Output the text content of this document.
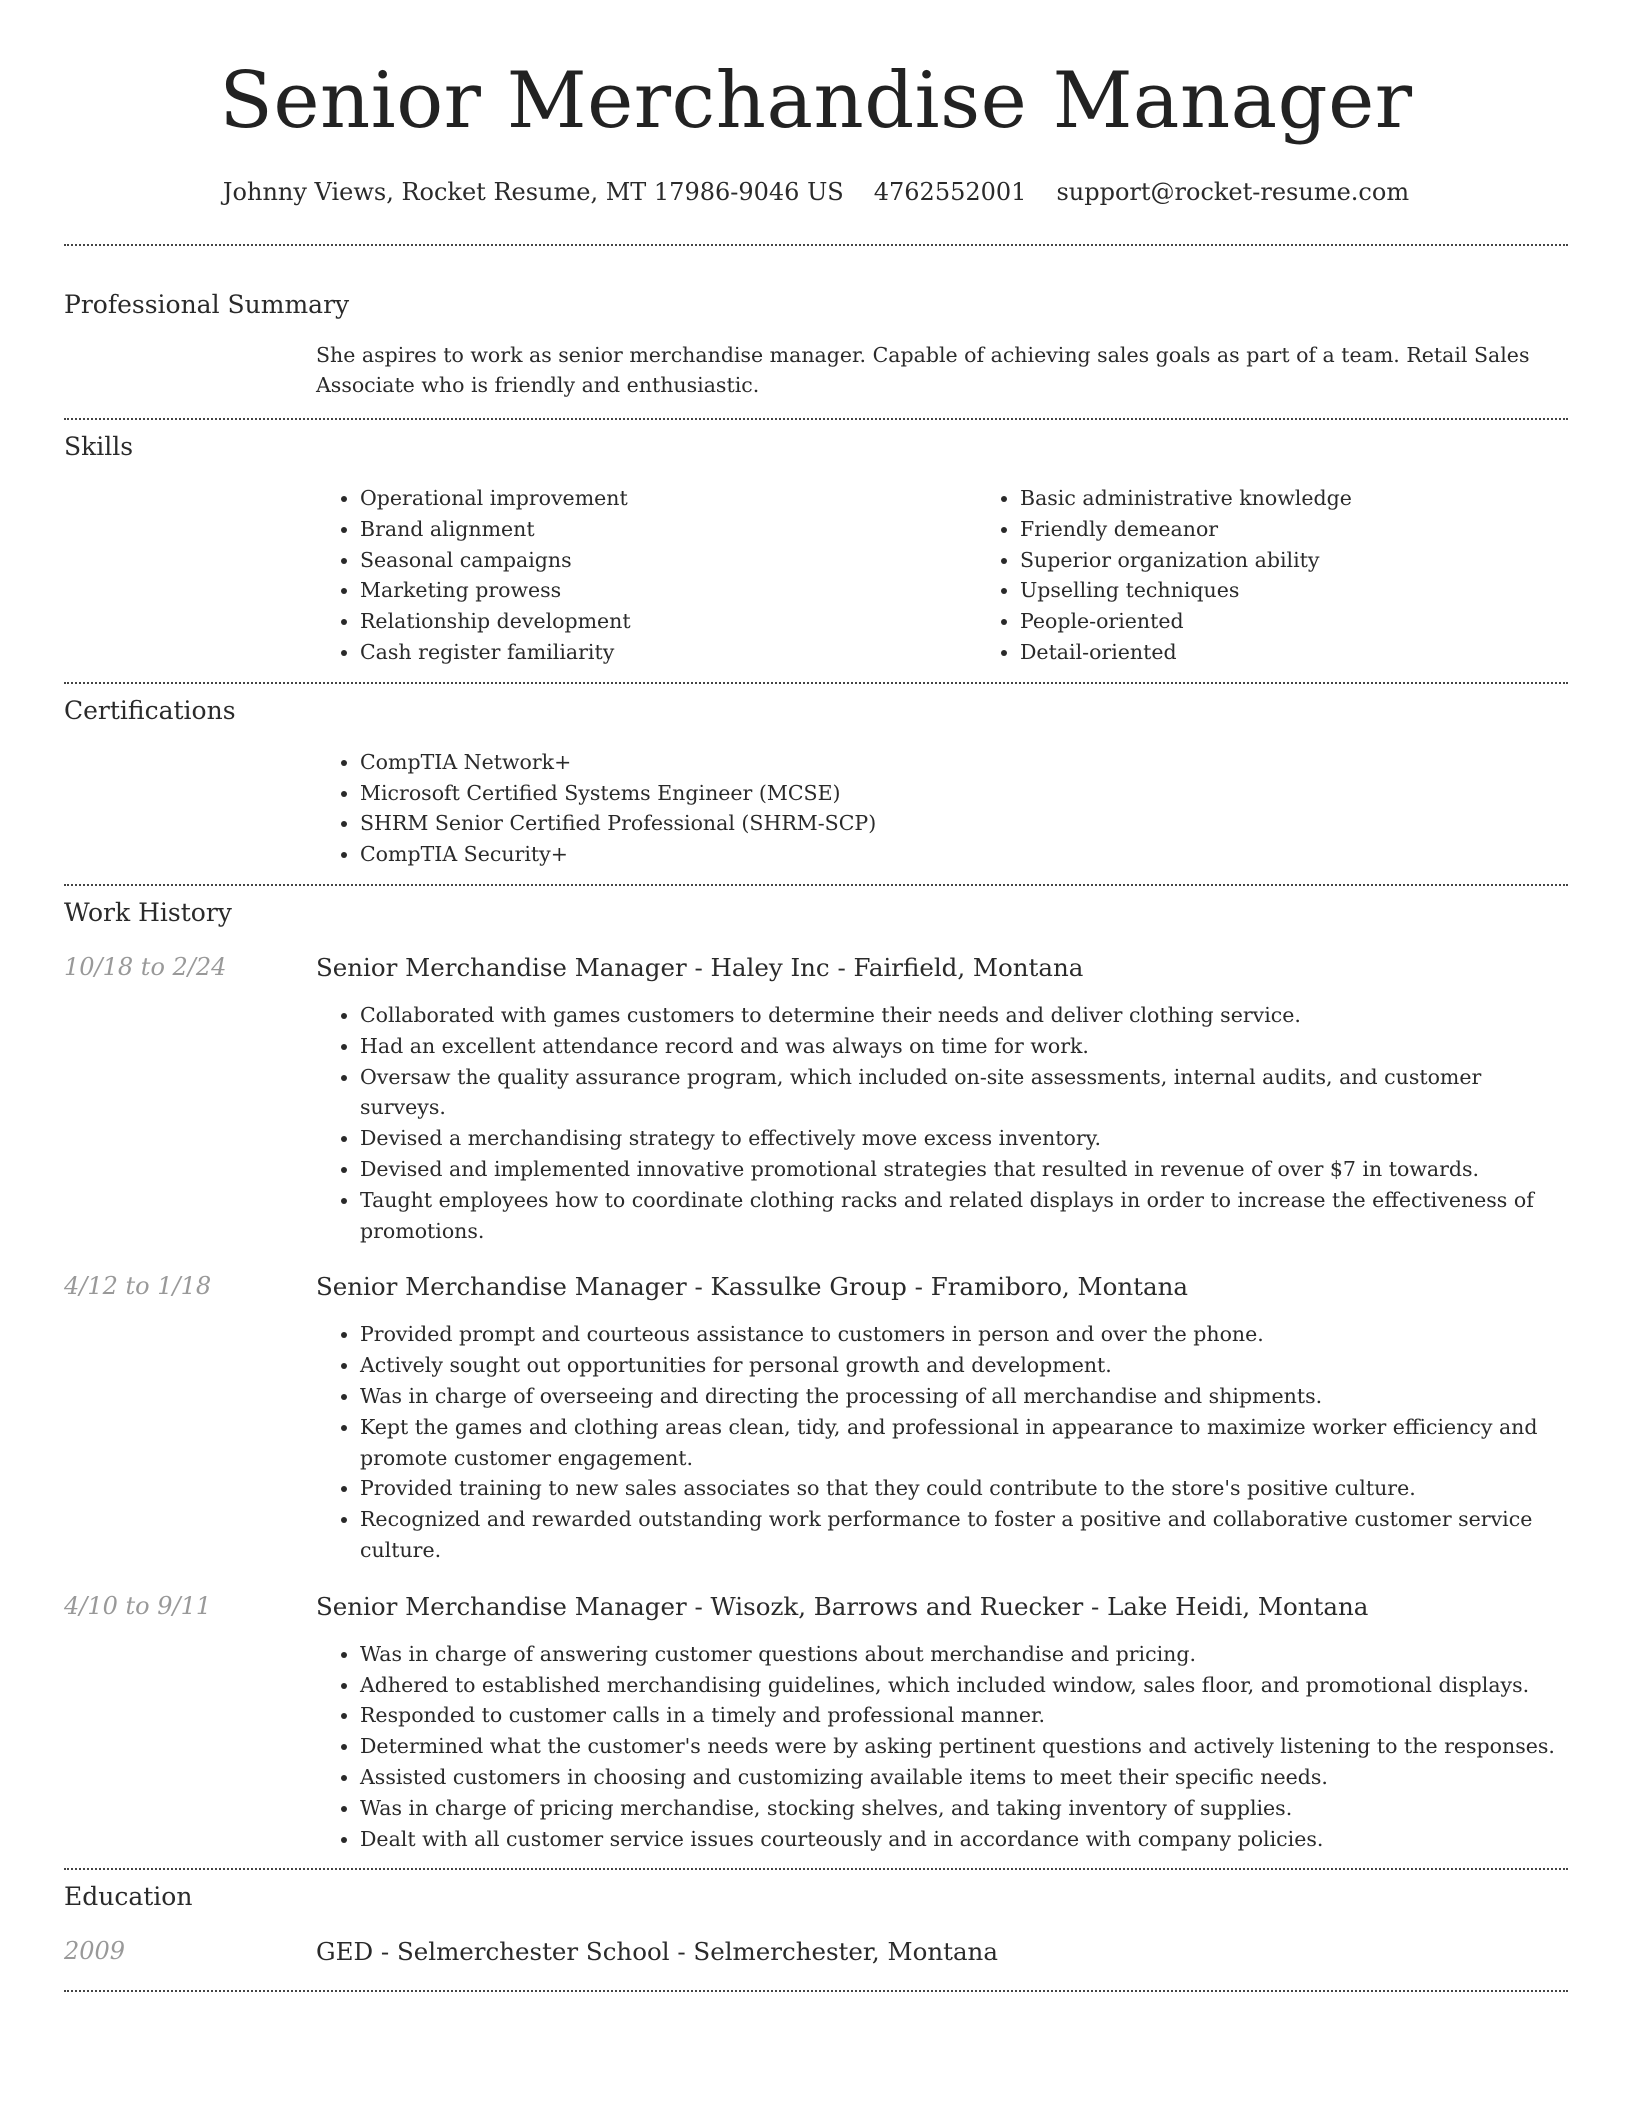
Senior Merchandise Manager
Johnny Views, Rocket Resume, MT 17986-9046 US 4762552001 support@rocket-resume.com
Professional Summary

She aspires to work as senior merchandise manager. Capable of achieving sales goals as part of a team. Retail Sales Associate who is friendly and enthusiastic.

Skills
• Operational improvement
• Brand alignment
• Seasonal campaigns
• Marketing prowess
• Relationship development
• Cash register familiarity
• Basic administrative knowledge
• Friendly demeanor
• Superior organization ability
• Upselling techniques
• People-oriented
• Detail-oriented
Certifications
• CompTIA Network+
• Microsoft Certified Systems Engineer (MCSE)
• SHRM Senior Certified Professional (SHRM-SCP)
• CompTIA Security+
Work History
10/18 to 2/24	Senior Merchandise Manager - Haley Inc - Fairfield, Montana
• Collaborated with games customers to determine their needs and deliver clothing service.
• Had an excellent attendance record and was always on time for work.
• Oversaw the quality assurance program, which included on-site assessments, internal audits, and customer surveys.
• Devised a merchandising strategy to effectively move excess inventory.
• Devised and implemented innovative promotional strategies that resulted in revenue of over $7 in towards.
• Taught employees how to coordinate clothing racks and related displays in order to increase the effectiveness of promotions.
4/12 to 1/18	Senior Merchandise Manager - Kassulke Group - Framiboro, Montana
• Provided prompt and courteous assistance to customers in person and over the phone.
• Actively sought out opportunities for personal growth and development.
• Was in charge of overseeing and directing the processing of all merchandise and shipments.
• Kept the games and clothing areas clean, tidy, and professional in appearance to maximize worker efficiency and promote customer engagement.
• Provided training to new sales associates so that they could contribute to the store's positive culture.
• Recognized and rewarded outstanding work performance to foster a positive and collaborative customer service culture.
4/10 to 9/11	Senior Merchandise Manager - Wisozk, Barrows and Ruecker - Lake Heidi, Montana
• Was in charge of answering customer questions about merchandise and pricing.
• Adhered to established merchandising guidelines, which included window, sales floor, and promotional displays.
• Responded to customer calls in a timely and professional manner.
• Determined what the customer's needs were by asking pertinent questions and actively listening to the responses.
• Assisted customers in choosing and customizing available items to meet their specific needs.
• Was in charge of pricing merchandise, stocking shelves, and taking inventory of supplies.
• Dealt with all customer service issues courteously and in accordance with company policies.
Education
2009	GED - Selmerchester School - Selmerchester, Montana
